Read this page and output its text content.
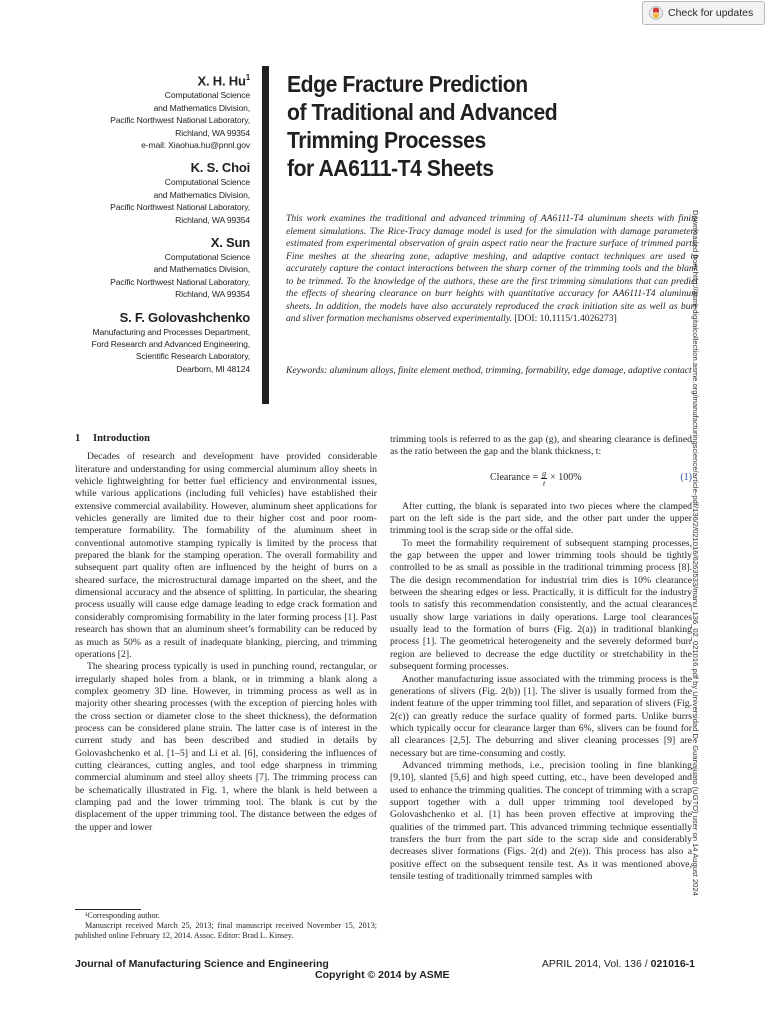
Check for updates
X. H. Hu$^1$
Computational Science
and Mathematics Division,
Pacific Northwest National Laboratory,
Richland, WA 99354
e-mail: Xiaohua.hu@pnnl.gov
K. S. Choi
Computational Science
and Mathematics Division,
Pacific Northwest National Laboratory,
Richland, WA 99354
X. Sun
Computational Science
and Mathematics Division,
Pacific Northwest National Laboratory,
Richland, WA 99354
S. F. Golovashchenko
Manufacturing and Processes Department,
Ford Research and Advanced Engineering,
Scientific Research Laboratory,
Dearborn, MI 48124
Edge Fracture Prediction
of Traditional and Advanced
Trimming Processes
for AA6111-T4 Sheets
This work examines the traditional and advanced trimming of AA6111-T4 aluminum sheets with finite element simulations. The Rice-Tracy damage model is used for the simulation with damage parameters estimated from experimental observation of grain aspect ratio near the fracture surface of trimmed parts. Fine meshes at the shearing zone, adaptive meshing, and adaptive contact techniques are used to accurately capture the contact interactions between the sharp corner of the trimming tools and the blank to be trimmed. To the knowledge of the authors, these are the first trimming simulations that can predict the effects of shearing clearance on burr heights with quantitative accuracy for AA6111-T4 aluminum sheets. In addition, the models have also accurately reproduced the crack initiation site as well as burr and sliver formation mechanisms observed experimentally. [DOI: 10.1115/1.4026273]
Keywords: aluminum alloys, finite element method, trimming, formability, edge damage, adaptive contact Downloaded from http://asmedigitalcollection.asme.org/manufacturingscience/article-pdf/136/2/021016/6263533/manu_136_02_021016.pdf by Universidad De Guanajuato (UGTO) user on 14 August 2024
1 Introduction

Decades of research and development have provided considerable literature and understanding for using commercial aluminum alloy sheets in vehicle lightweighting for better fuel efficiency and environmental issues, while various applications (including full vehicles) have established their extensive commercial availability. However, aluminum sheet applications for vehicles generally are limited due to their higher cost and poor room-temperature formability. The formability of the aluminum sheet in conventional automotive stamping typically is limited by the process that prepared the blank for the stamping operation. The overall formability and subsequent part quality often are influenced by the height of burrs on a sheared surface, the microstructural damage imparted on the sheet, and the dimensional accuracy and the absence of splitting. In particular, the shearing process usually will cause edge damage leading to edge crack formation and considerably compromising formability in the later forming process [1]. Past research has shown that an aluminum sheet’s formability can be reduced by as much as 50% as a result of inadequate blanking, piercing, and trimming operations [2].

The shearing process typically is used in punching round, rectangular, or irregularly shaped holes from a blank, or in trimming a blank along a complex geometry 3D line. However, in trimming process as well as in majority other shearing processes (with the exception of piercing holes with the cross section or diameter close to the sheet thickness), the deformation process can be considered plane strain. The latter case is of interest in the current study and has been described and studied in details by Golovashchenko et al. [1–5] and Li et al. [6], considering the influences of cutting clearances, cutting angles, and tool edge sharpness in trimming commercial aluminum and steel alloy sheets [7]. The trimming process can be schematically illustrated in Fig. 1, where the blank is held between a clamping pad and the lower trimming tool. The blank is cut by the displacement of the upper trimming tool. The distance between the edges of the upper and lower

trimming tools is referred to as the gap (g), and shearing clearance is defined as the ratio between the gap and the blank thickness, t:

Clearance = $\frac{g}{t} \times 100\%$	(1)

After cutting, the blank is separated into two pieces where the clamped part on the left side is the part side, and the other part under the upper trimming tool is the scrap side or the offal side.

To meet the formability requirement of subsequent stamping processes, the gap between the upper and lower trimming tools should be tightly controlled to be as small as possible in the traditional trimming process [8]. The die design recommendation for industrial trim dies is 10% clearance between the shearing edges or less. Practically, it is difficult for the industry tools to satisfy this recommendation consistently, and the actual clearances usually show large variations in daily operations. Large tool clearances usually lead to the formation of burrs (Fig. 2(a)) in traditional blanking process [1]. The geometrical heterogeneity and the severely deformed burr region are believed to decrease the edge ductility or stretchability in the subsequent forming processes.

Another manufacturing issue associated with the trimming process is the generations of slivers (Fig. 2(b)) [1]. The sliver is usually formed from the indent feature of the upper trimming tool fillet, and separation of slivers (Fig. 2(c)) can greatly reduce the surface quality of formed parts. Unlike burrs which typically occur for clearance larger than 6%, slivers can be found for all clearances [2,5]. The deburring and sliver cleaning processes [9] are necessary but are time-consuming and costly.

Advanced trimming methods, i.e., precision tooling in fine blanking [9,10], slanted [5,6] and high speed cutting, etc., have been developed and used to enhance the trimming qualities. The concept of trimming with a scrap support together with a dull upper trimming tool developed by Golovashchenko et al. [1] has been proven effective at improving the qualities of the trimmed part. This advanced trimming technique essentially transfers the burr from the part side to the scrap side and considerably decreases sliver formations (Figs. 2(d) and 2(e)). This process has also a positive effect on the subsequent tensile test. As it was mentioned above, tensile testing of traditionally trimmed samples with

¹Corresponding author.

Manuscript received March 25, 2013; final manuscript received November 15, 2013; published online February 12, 2014. Assoc. Editor: Brad L. Kinsey.

Journal of Manufacturing Science and Engineering	APRIL 2014, Vol. 136 / 021016-1
Copyright © 2014 by ASME
